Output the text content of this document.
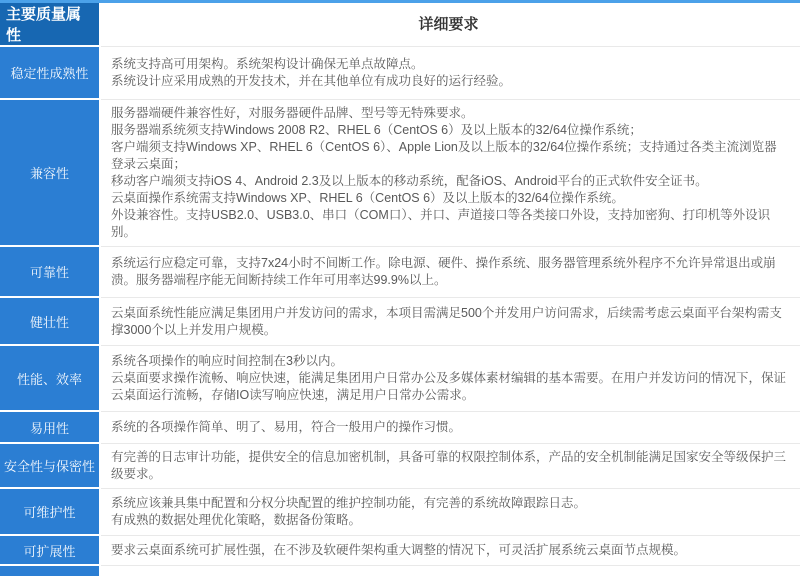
主要质量属性
详细要求
稳定性成熟性
系统支持高可用架构。系统架构设计确保无单点故障点。
系统设计应采用成熟的开发技术，并在其他单位有成功良好的运行经验。
兼容性
服务器端硬件兼容性好，对服务器硬件品牌、型号等无特殊要求。
服务器端系统须支持Windows 2008 R2、RHEL 6（CentOS 6）及以上版本的32/64位操作系统；
客户端须支持Windows XP、RHEL 6（CentOS 6）、Apple Lion及以上版本的32/64位操作系统；支持通过各类主流浏览器登录云桌面；
移动客户端须支持iOS 4、Android 2.3及以上版本的移动系统，配备iOS、Android平台的正式软件安全证书。
云桌面操作系统需支持Windows XP、RHEL 6（CentOS 6）及以上版本的32/64位操作系统。
外设兼容性。支持USB2.0、USB3.0、串口（COM口）、并口、声道接口等各类接口外设，支持加密狗、打印机等外设识别。
可靠性
系统运行应稳定可靠，支持7x24小时不间断工作。除电源、硬件、操作系统、服务器管理系统外程序不允许异常退出或崩溃。服务器端程序能无间断持续工作年可用率达99.9%以上。
健壮性
云桌面系统性能应满足集团用户并发访问的需求，本项目需满足500个并发用户访问需求，后续需考虑云桌面平台架构需支撑3000个以上并发用户规模。
性能、效率
系统各项操作的响应时间控制在3秒以内。
云桌面要求操作流畅、响应快速，能满足集团用户日常办公及多媒体素材编辑的基本需要。在用户并发访问的情况下，保证云桌面运行流畅，存储IO读写响应快速，满足用户日常办公需求。
易用性	系统的各项操作简单、明了、易用，符合一般用户的操作习惯。
安全性与保密性
有完善的日志审计功能，提供安全的信息加密机制，具备可靠的权限控制体系，产品的安全机制能满足国家安全等级保护三级要求。
可维护性
系统应该兼具集中配置和分权分块配置的维护控制功能，有完善的系统故障跟踪日志。
有成熟的数据处理优化策略，数据备份策略。
可扩展性	要求云桌面系统可扩展性强，在不涉及软硬件架构重大调整的情况下，可灵活扩展系统云桌面节点规模。
